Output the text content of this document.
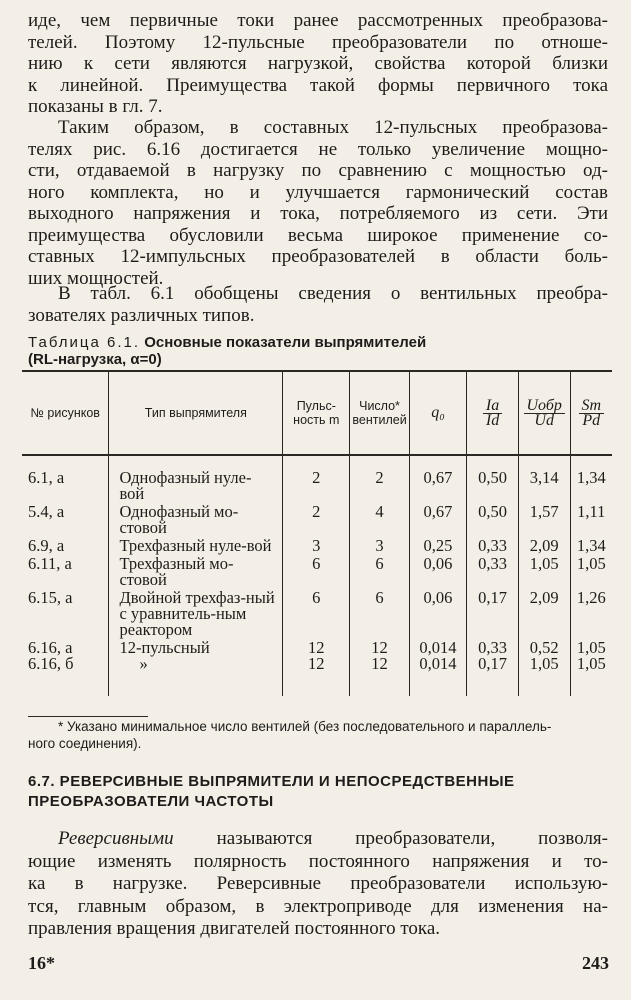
иде, чем первичные токи ранее рассмотренных преобразова-
телей. Поэтому 12-пульсные преобразователи по отноше-
нию к сети являются нагрузкой, свойства которой близки
к линейной. Преимущества такой формы первичного тока
показаны в гл. 7.
Таким образом, в составных 12-пульсных преобразова-
телях рис. 6.16 достигается не только увеличение мощно-
сти, отдаваемой в нагрузку по сравнению с мощностью од-
ного комплекта, но и улучшается гармонический состав
выходного напряжения и тока, потребляемого из сети. Эти
преимущества обусловили весьма широкое применение со-
ставных 12-импульсных преобразователей в области боль-
ших мощностей.
В табл. 6.1 обобщены сведения о вентильных преобра-
зователях различных типов.
Таблица 6.1. Основные показатели выпрямителей
(RL-нагрузка, α=0)
№ рисунков	Тип выпрямителя	Пульс-ность m	Число* вентилей	q₀	$\frac{Iа}{Id}$	$\frac{\text{Uобр}}{Ud}$	$\frac{Sт}{Pd}$

6.1, а	Однофазный нуле-вой	2	2	0,67	0,50	3,14	1,34
5.4, а	Однофазный мо-стовой	2	4	0,67	0,50	1,57	1,11
6.9, а	Трехфазный нуле-вой	3	3	0,25	0,33	2,09	1,34
6.11, а	Трехфазный мо-стовой	6	6	0,06	0,33	1,05	1,05
6.15, а	Двойной трехфаз-ный с уравнитель-ным реактором	6	6	0,06	0,17	2,09	1,26
6.16, а	12-пульсный	12	12	0,014	0,33	0,52	1,05
6.16, б	»	12	12	0,014	0,17	1,05	1,05
* Указано минимальное число вентилей (без последовательного и параллель-
ного соединения).
6.7. РЕВЕРСИВНЫЕ ВЫПРЯМИТЕЛИ И НЕПОСРЕДСТВЕННЫЕ
ПРЕОБРАЗОВАТЕЛИ ЧАСТОТЫ
Реверсивными называются преобразователи, позволя-
ющие изменять полярность постоянного напряжения и то-
ка в нагрузке. Реверсивные преобразователи использую-
тся, главным образом, в электроприводе для изменения на-
правления вращения двигателей постоянного тока.
16*	243
